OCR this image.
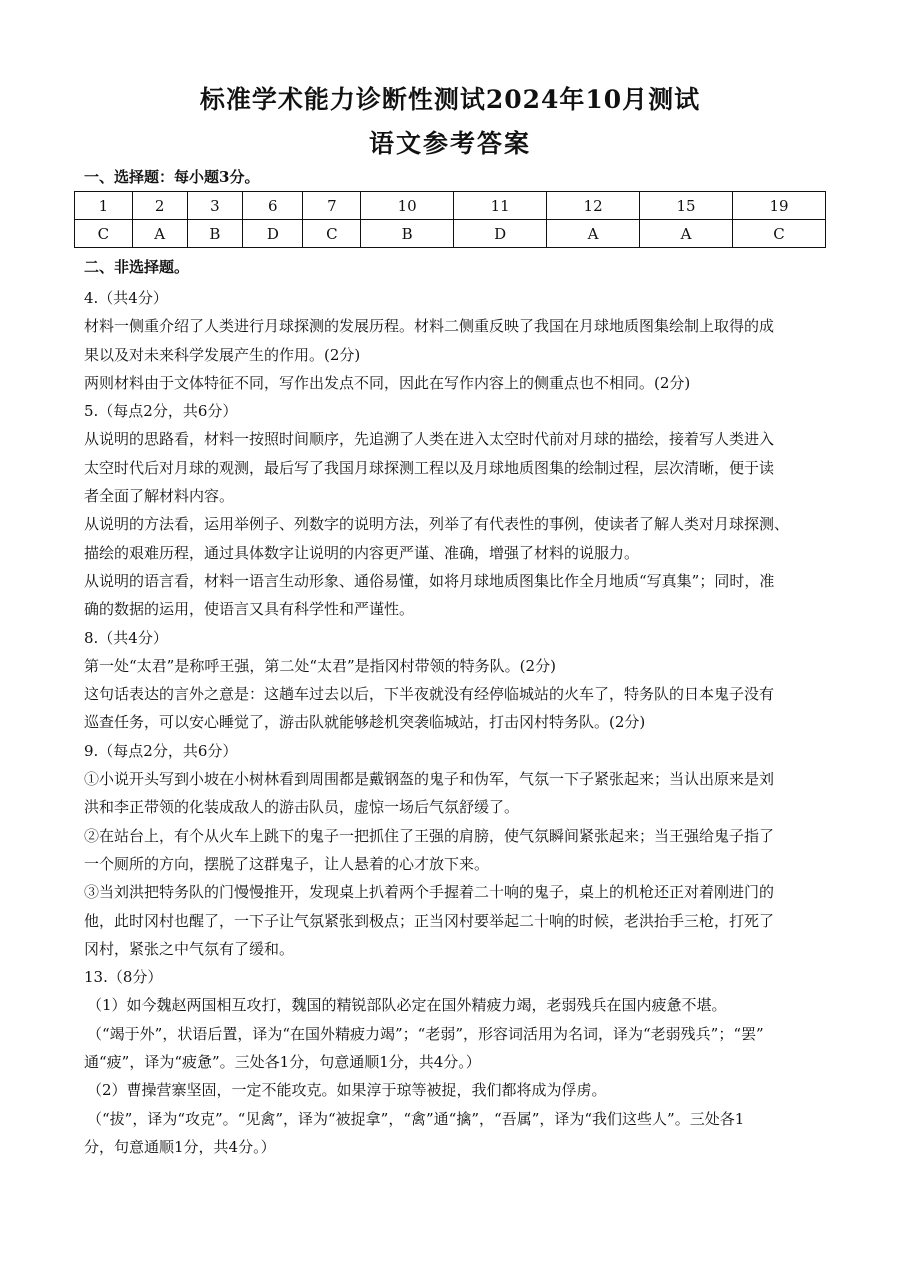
标准学术能力诊断性测试2024年10月测试
语文参考答案
一、选择题：每小题3分。
1	2	3	6	7	10	11	12	15	19
C	A	B	D	C	B	D	A	A	C
二、非选择题。

4.（共4分）

材料一侧重介绍了人类进行月球探测的发展历程。材料二侧重反映了我国在月球地质图集绘制上取得的成

果以及对未来科学发展产生的作用。(2分)

两则材料由于文体特征不同，写作出发点不同，因此在写作内容上的侧重点也不相同。(2分)

5.（每点2分，共6分）

从说明的思路看，材料一按照时间顺序，先追溯了人类在进入太空时代前对月球的描绘，接着写人类进入

太空时代后对月球的观测，最后写了我国月球探测工程以及月球地质图集的绘制过程，层次清晰，便于读

者全面了解材料内容。

从说明的方法看，运用举例子、列数字的说明方法，列举了有代表性的事例，使读者了解人类对月球探测、

描绘的艰难历程，通过具体数字让说明的内容更严谨、准确，增强了材料的说服力。

从说明的语言看，材料一语言生动形象、通俗易懂，如将月球地质图集比作全月地质“写真集”；同时，准

确的数据的运用，使语言又具有科学性和严谨性。

8.（共4分）

第一处“太君”是称呼王强，第二处“太君”是指冈村带领的特务队。(2分)

这句话表达的言外之意是：这趟车过去以后，下半夜就没有经停临城站的火车了，特务队的日本鬼子没有

巡查任务，可以安心睡觉了，游击队就能够趁机突袭临城站，打击冈村特务队。(2分)

9.（每点2分，共6分）

①小说开头写到小坡在小树林看到周围都是戴钢盔的鬼子和伪军，气氛一下子紧张起来；当认出原来是刘

洪和李正带领的化装成敌人的游击队员，虚惊一场后气氛舒缓了。

②在站台上，有个从火车上跳下的鬼子一把抓住了王强的肩膀，使气氛瞬间紧张起来；当王强给鬼子指了

一个厕所的方向，摆脱了这群鬼子，让人悬着的心才放下来。

③当刘洪把特务队的门慢慢推开，发现桌上扒着两个手握着二十响的鬼子，桌上的机枪还正对着刚进门的

他，此时冈村也醒了，一下子让气氛紧张到极点；正当冈村要举起二十响的时候，老洪抬手三枪，打死了

冈村，紧张之中气氛有了缓和。

13.（8分）

（1）如今魏赵两国相互攻打，魏国的精锐部队必定在国外精疲力竭，老弱残兵在国内疲惫不堪。

（“竭于外”，状语后置，译为“在国外精疲力竭”；“老弱”，形容词活用为名词，译为“老弱残兵”；“罢”

通“疲”，译为“疲惫”。三处各1分，句意通顺1分，共4分。）

（2）曹操营寨坚固，一定不能攻克。如果淳于琼等被捉，我们都将成为俘虏。

（“拔”，译为“攻克”。“见禽”，译为“被捉拿”，“禽”通“擒”，“吾属”，译为“我们这些人”。三处各1

分，句意通顺1分，共4分。）
